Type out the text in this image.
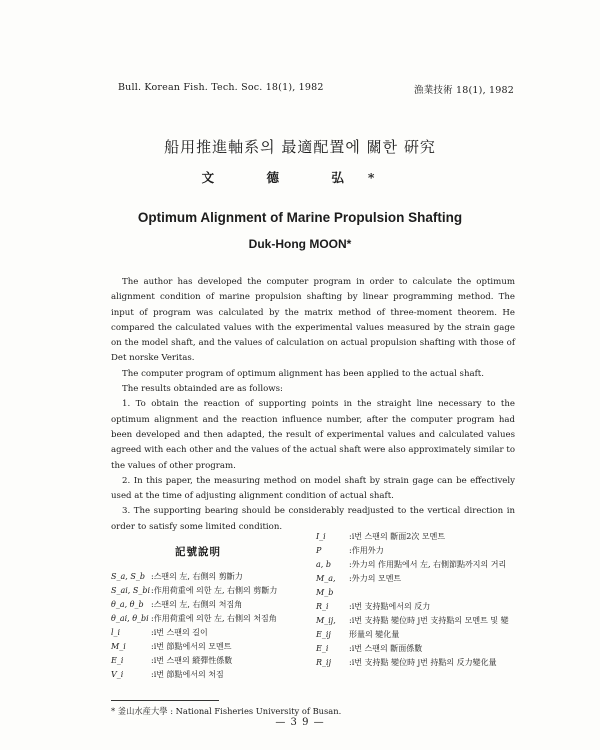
Bull. Korean Fish. Tech. Soc. 18(1), 1982	漁業技術 18(1), 1982
船用推進軸系의 最適配置에 關한 硏究
文 德 弘*
Optimum Alignment of Marine Propulsion Shafting
Duk-Hong MOON*

The author has developed the computer program in order to calculate the optimum alignment condition of marine propulsion shafting by linear programming method. The input of program was calculated by the matrix method of three-moment theorem. He compared the calculated values with the experimental values measured by the strain gage on the model shaft, and the values of calculation on actual propulsion shafting with those of Det norske Veritas.

The computer program of optimum alignment has been applied to the actual shaft.

The results obtainded are as follows:

1. To obtain the reaction of supporting points in the straight line necessary to the optimum alignment and the reaction influence number, after the computer program had been developed and then adapted, the result of experimental values and calculated values agreed with each other and the values of the actual shaft were also approximately similar to the values of other program.

2. In this paper, the measuring method on model shaft by strain gage can be effectively used at the time of adjusting alignment condition of actual shaft.

3. The supporting bearing should be considerably readjusted to the vertical direction in order to satisfy some limited condition.

記號說明
S_a, S_b :스팬의 左, 右側의 剪斷力
S_ai, S_bi :作用荷重에 의한 左, 右側의 剪斷力
θ_a, θ_b :스팬의 左, 右側의 처짐角
θ_ai, θ_bi :作用荷重에 의한 左, 右側의 처짐角
l_i	:i번 스팬의 길이
M_i	:i번 節點에서의 모멘트
E_i	:i번 스팬의 縱彈性係數
V_i	:i번 節點에서의 처짐
I_i	:i번 스팬의 斷面2次 모멘트
P	:作用外力
a, b	:外力의 作用點에서 左, 右側節點까지의 거리
M_a, M_b
:外力의 모멘트
R_i	:i번 支持點에서의 反力
M_ij, E_ij
:i번 支持點 變位時 j번 支持點의 모멘트 및 變形量의 變化量
E_i	:i번 스팬의 斷面係數
R_ij	:i번 支持點 變位時 j번 持點의 反力變化量
* 釜山水産大學 : National Fisheries University of Busan.
— 3 9 —
